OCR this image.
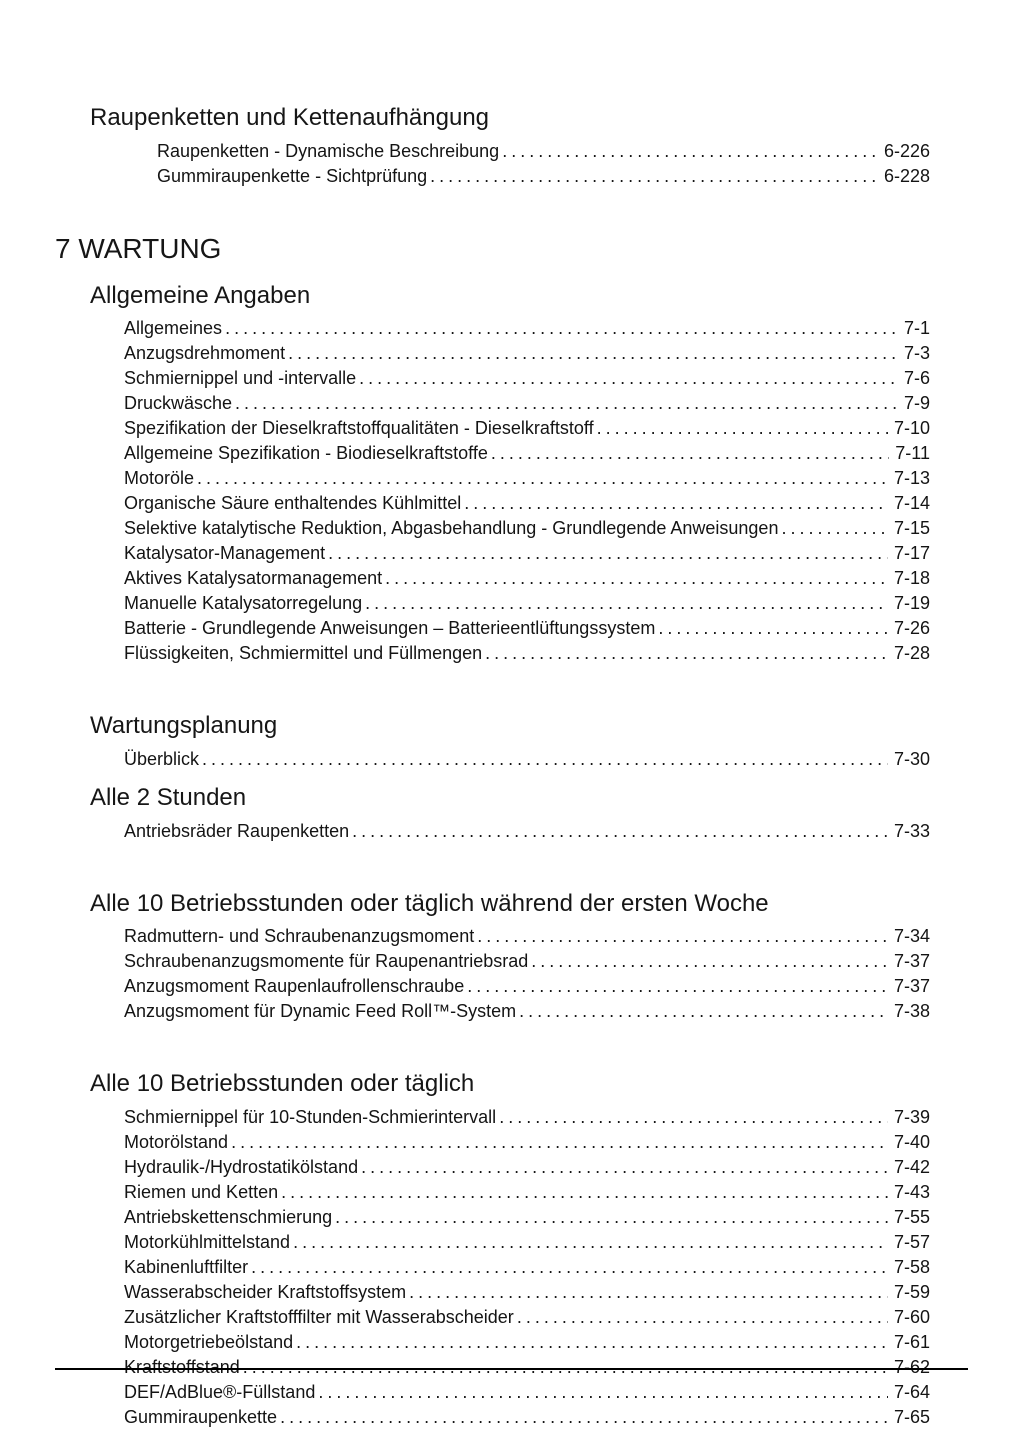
Raupenketten und Kettenaufhängung
Raupenketten - Dynamische Beschreibung .....	6-226
Gummiraupenkette - Sichtprüfung .....	6-228
7 WARTUNG
Allgemeine Angaben
Allgemeines .....	7-1
Anzugsdrehmoment .....	7-3
Schmiernippel und -intervalle .....	7-6
Druckwäsche .....	7-9
Spezifikation der Dieselkraftstoffqualitäten - Dieselkraftstoff .....	7-10
Allgemeine Spezifikation - Biodieselkraftstoffe .....	7-11
Motoröle .....	7-13
Organische Säure enthaltendes Kühlmittel .....	7-14
Selektive katalytische Reduktion, Abgasbehandlung - Grundlegende Anweisungen .....	7-15
Katalysator-Management .....	7-17
Aktives Katalysatormanagement .....	7-18
Manuelle Katalysatorregelung .....	7-19
Batterie - Grundlegende Anweisungen – Batterieentlüftungssystem .....	7-26
Flüssigkeiten, Schmiermittel und Füllmengen .....	7-28
Wartungsplanung
Überblick .....	7-30
Alle 2 Stunden
Antriebsräder Raupenketten .....	7-33
Alle 10 Betriebsstunden oder täglich während der ersten Woche
Radmuttern- und Schraubenanzugsmoment .....	7-34
Schraubenanzugsmomente für Raupenantriebsrad .....	7-37
Anzugsmoment Raupenlaufrollenschraube .....	7-37
Anzugsmoment für Dynamic Feed Roll™-System .....	7-38
Alle 10 Betriebsstunden oder täglich
Schmiernippel für 10-Stunden-Schmierintervall .....	7-39
Motorölstand .....	7-40
Hydraulik-/Hydrostatikölstand .....	7-42
Riemen und Ketten .....	7-43
Antriebskettenschmierung .....	7-55
Motorkühlmittelstand .....	7-57
Kabinenluftfilter .....	7-58
Wasserabscheider Kraftstoffsystem .....	7-59
Zusätzlicher Kraftstofffilter mit Wasserabscheider .....	7-60
Motorgetriebeölstand .....	7-61
Kraftstoffstand .....	7-62
DEF/AdBlue®-Füllstand .....	7-64
Gummiraupenkette .....	7-65
